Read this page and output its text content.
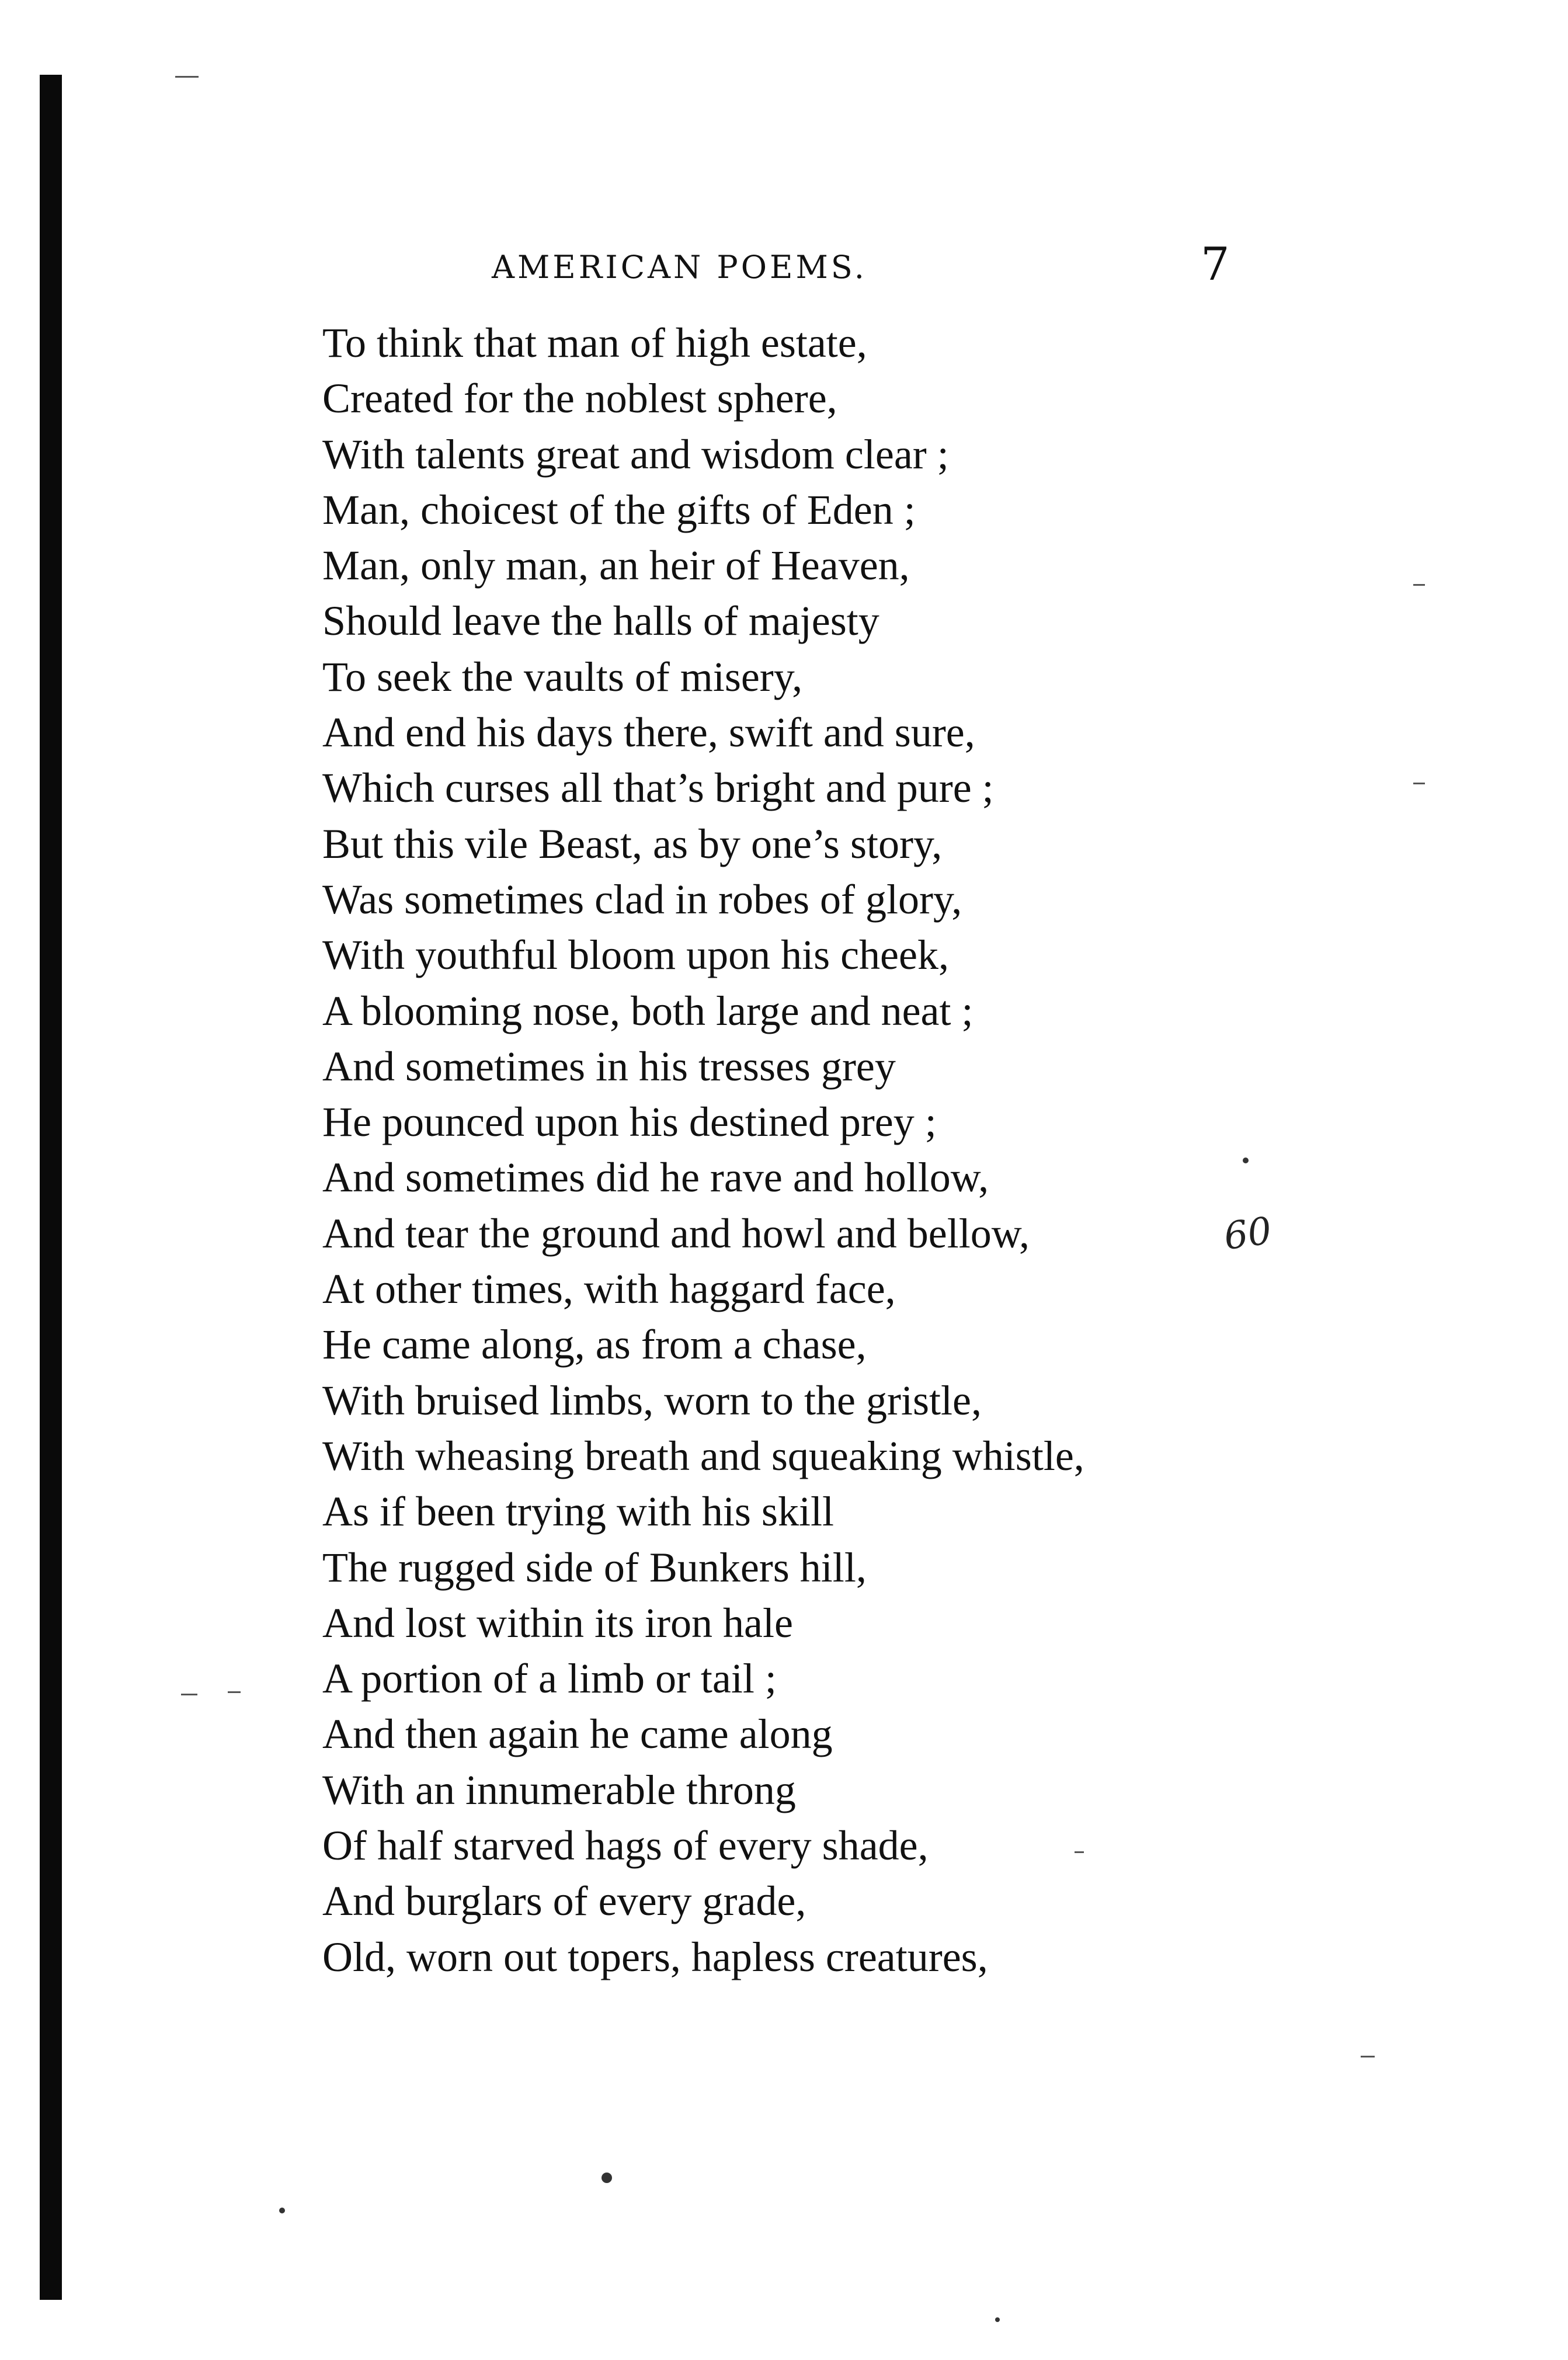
AMERICAN POEMS.	7
To think that man of high estate,
Created for the noblest sphere,
With talents great and wisdom clear ;
Man, choicest of the gifts of Eden ;
Man, only man, an heir of Heaven,
Should leave the halls of majesty
To seek the vaults of misery,
And end his days there, swift and sure,
Which curses all that’s bright and pure ;
But this vile Beast, as by one’s story,
Was sometimes clad in robes of glory,
With youthful bloom upon his cheek,
A blooming nose, both large and neat ;
And sometimes in his tresses grey
He pounced upon his destined prey ;
And sometimes did he rave and hollow,
And tear the ground and howl and bellow,
At other times, with haggard face,
He came along, as from a chase,
With bruised limbs, worn to the gristle,
With wheasing breath and squeaking whistle,
As if been trying with his skill
The rugged side of Bunkers hill,
And lost within its iron hale
A portion of a limb or tail ;
And then again he came along
With an innumerable throng
Of half starved hags of every shade,
And burglars of every grade,
Old, worn out topers, hapless creatures,
60
